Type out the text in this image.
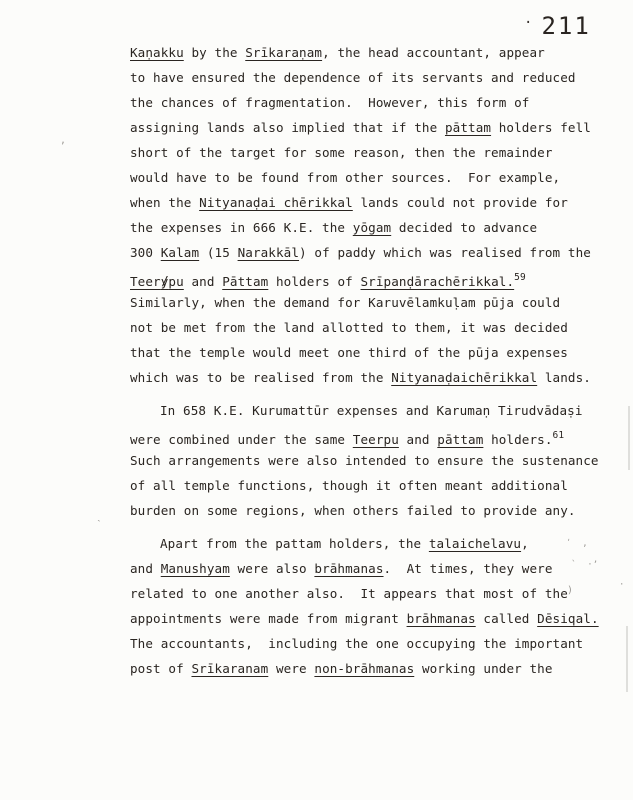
· 211
Kaṇakku by the Srīkaraṇam, the head accountant, appear
to have ensured the dependence of its servants and reduced
the chances of fragmentation.  However, this form of
assigning lands also implied that if the pāttam holders fell
short of the target for some reason, then the remainder
would have to be found from other sources.  For example,
when the Nityanaḍai chērikkal lands could not provide for
the expenses in 666 K.E. the yōgam decided to advance
300 Kalam (15 Narakkāl) of paddy which was realised from the
Teery /pu and Pāttam holders of Srīpanḍārachērikkal.$^{59}$
Similarly, when the demand for Karuvēlamkuḷam pūja could
not be met from the land allotted to them, it was decided
that the temple would meet one third of the pūja expenses
which was to be realised from the Nityanaḍaichērikkal lands.
In 658 K.E. Kurumattūr expenses and Karumaṇ Tirudvādaṣi
were combined under the same Teerpu and pāttam holders.$^{61}$
Such arrangements were also intended to ensure the sustenance
of all temple functions, though it often meant additional
burden on some regions, when others failed to provide any.
Apart from the pattam holders, the talaichelavu,
and Manushyam were also brāhmanas.  At times, they were
related to one another also.  It appears that most of the
appointments were made from migrant brāhmanas called Dēsiqal.
The accountants,  including the one occupying the important
post of Srīkaranam were non-brāhmanas working under the
,
ˋ
ʹ  ,
`  ·ʼ
)	·
